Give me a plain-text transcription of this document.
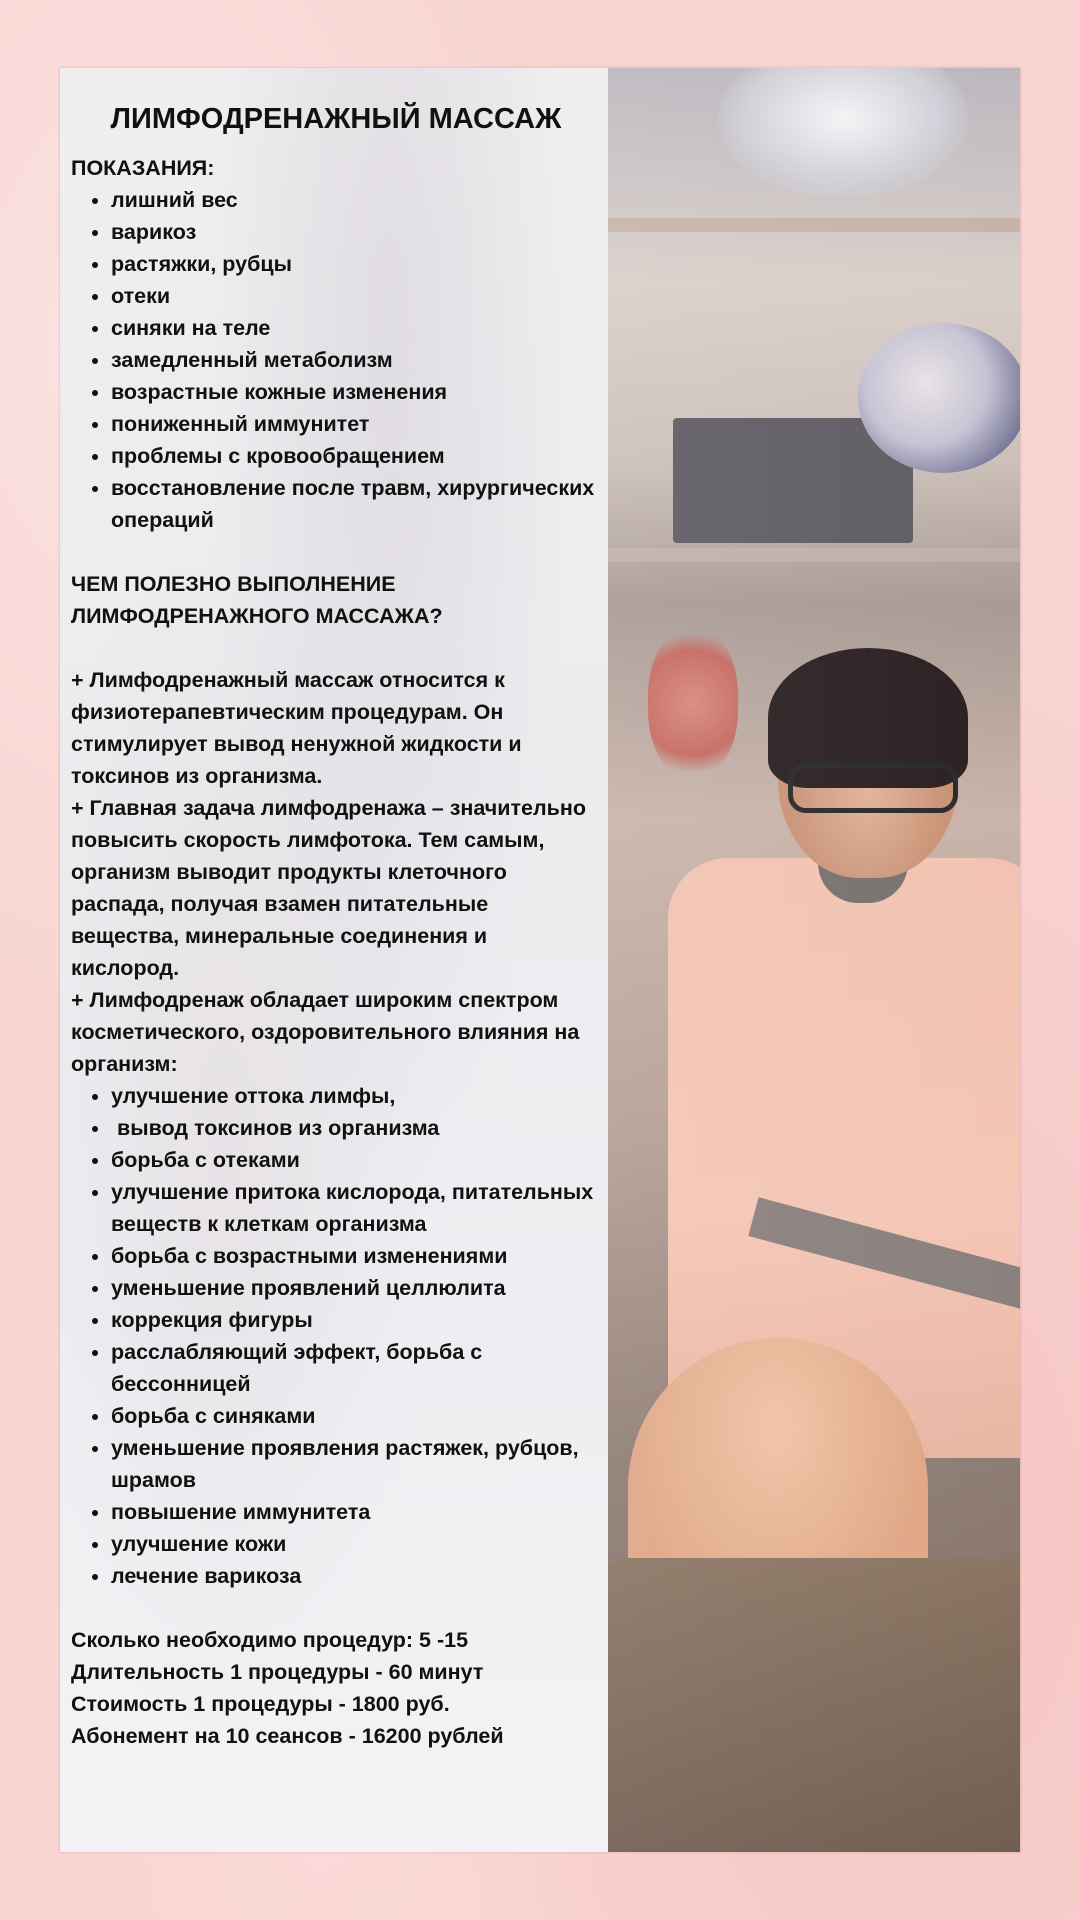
ЛИМФОДРЕНАЖНЫЙ МАССАЖ
ПОКАЗАНИЯ:
• лишний вес
• варикоз
• растяжки, рубцы
• отеки
• синяки на теле
• замедленный метаболизм
• возрастные кожные изменения
• пониженный иммунитет
• проблемы с кровообращением
• восстановление после травм, хирургических операций
ЧЕМ ПОЛЕЗНО ВЫПОЛНЕНИЕ ЛИМФОДРЕНАЖНОГО МАССАЖА?

+ Лимфодренажный массаж относится к физиотерапевтическим процедурам. Он стимулирует вывод ненужной жидкости и токсинов из организма.

+ Главная задача лимфодренажа – значительно повысить скорость лимфотока. Тем самым, организм выводит продукты клеточного распада, получая взамен питательные вещества, минеральные соединения и кислород.

+ Лимфодренаж обладает широким спектром косметического, оздоровительного влияния на организм:

• улучшение оттока лимфы,
•  вывод токсинов из организма
• борьба с отеками
• улучшение притока кислорода, питательных веществ к клеткам организма
• борьба с возрастными изменениями
• уменьшение проявлений целлюлита
• коррекция фигуры
• расслабляющий эффект, борьба с бессонницей
• борьба с синяками
• уменьшение проявления растяжек, рубцов, шрамов
• повышение иммунитета
• улучшение кожи
• лечение варикоза

Сколько необходимо процедур: 5 -15

Длительность 1 процедуры - 60 минут

Стоимость 1 процедуры - 1800 руб.

Абонемент на 10 сеансов - 16200 рублей
